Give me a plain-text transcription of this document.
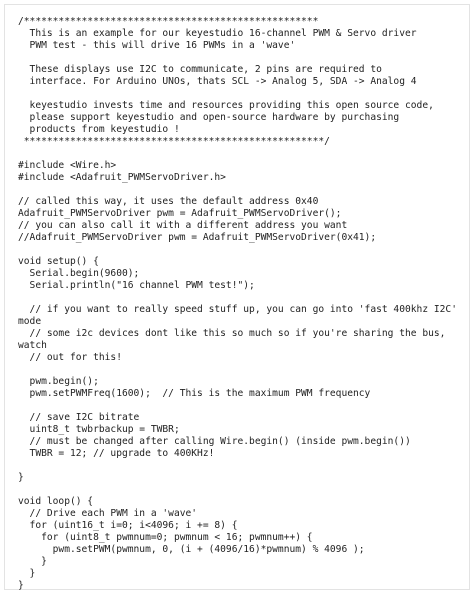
/***************************************************
This is an example for our keyestudio 16-channel PWM & Servo driver
PWM test - this will drive 16 PWMs in a 'wave'
These displays use I2C to communicate, 2 pins are required to
interface. For Arduino UNOs, thats SCL -> Analog 5, SDA -> Analog 4
keyestudio invests time and resources providing this open source code,
please support keyestudio and open-source hardware by purchasing
products from keyestudio !
****************************************************/
#include <Wire.h>
#include <Adafruit_PWMServoDriver.h>
// called this way, it uses the default address 0x40
Adafruit_PWMServoDriver pwm = Adafruit_PWMServoDriver();
// you can also call it with a different address you want
//Adafruit_PWMServoDriver pwm = Adafruit_PWMServoDriver(0x41);
void setup() {
Serial.begin(9600);
Serial.println("16 channel PWM test!");
// if you want to really speed stuff up, you can go into 'fast 400khz I2C'
mode
// some i2c devices dont like this so much so if you're sharing the bus,
watch
// out for this!
pwm.begin();
pwm.setPWMFreq(1600);  // This is the maximum PWM frequency
// save I2C bitrate
uint8_t twbrbackup = TWBR;
// must be changed after calling Wire.begin() (inside pwm.begin())
TWBR = 12; // upgrade to 400KHz!
}
void loop() {
// Drive each PWM in a 'wave'
for (uint16_t i=0; i<4096; i += 8) {
for (uint8_t pwmnum=0; pwmnum < 16; pwmnum++) {
pwm.setPWM(pwmnum, 0, (i + (4096/16)*pwmnum) % 4096 );
}
}
}
